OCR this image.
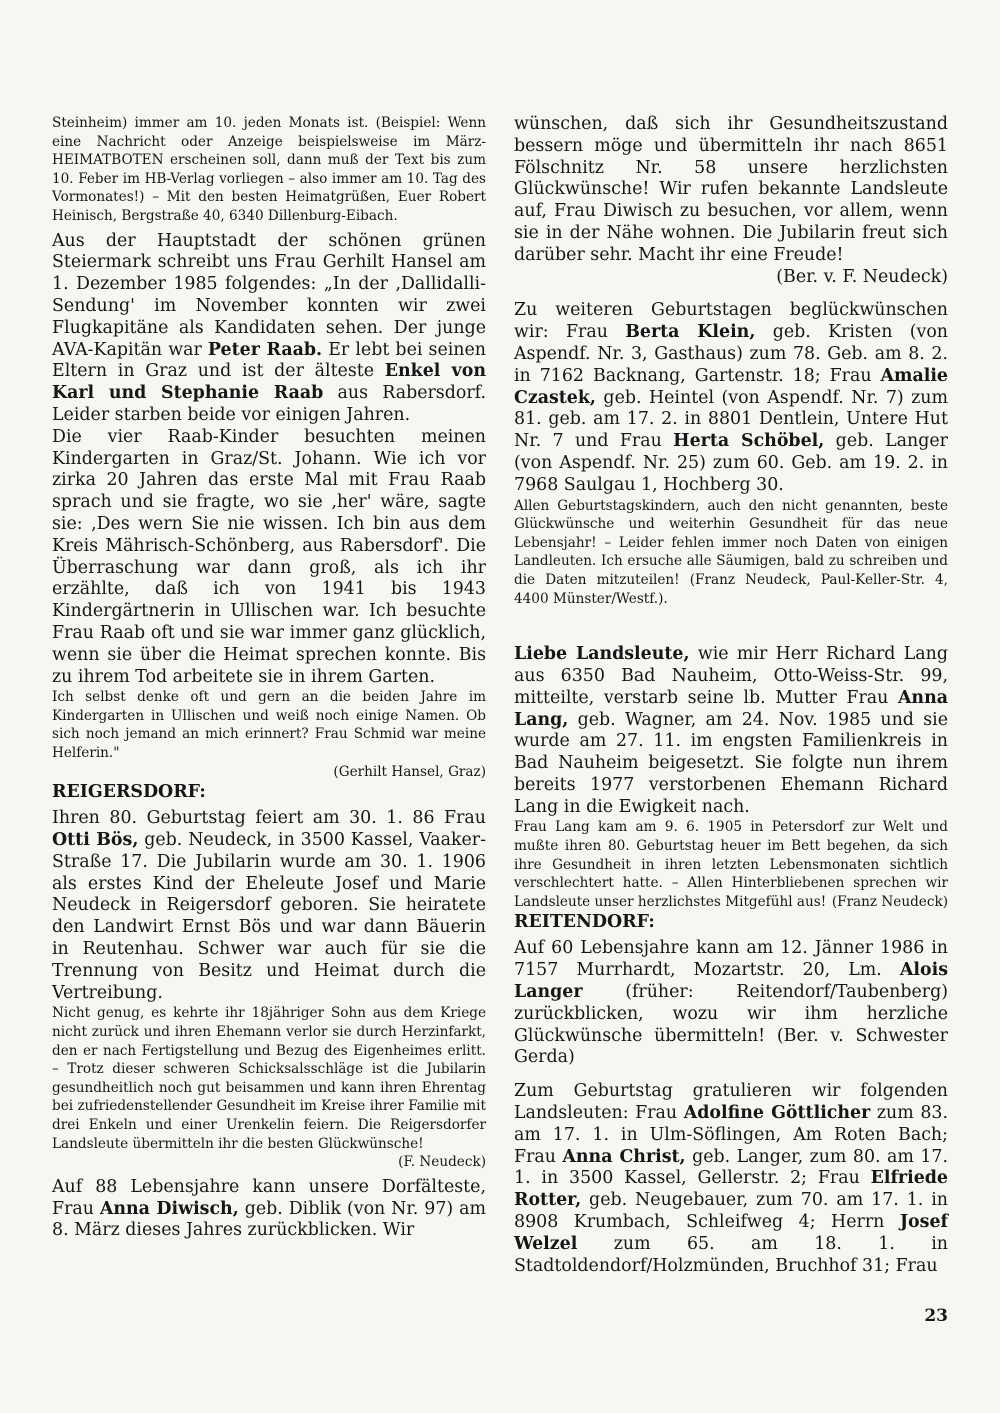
Steinheim) immer am 10. jeden Monats ist. (Beispiel: Wenn eine Nachricht oder Anzeige beispielsweise im März-HEIMATBOTEN erscheinen soll, dann muß der Text bis zum 10. Feber im HB-Verlag vorliegen – also immer am 10. Tag des Vormonates!) – Mit den besten Heimatgrüßen, Euer Robert Heinisch, Bergstraße 40, 6340 Dillenburg-Eibach.

Aus der Hauptstadt der schönen grünen Steiermark schreibt uns Frau Gerhilt Hansel am 1. Dezember 1985 folgendes: „In der ‚Dallidalli-Sendung' im November konnten wir zwei Flugkapitäne als Kandidaten sehen. Der junge AVA-Kapitän war Peter Raab. Er lebt bei seinen Eltern in Graz und ist der älteste Enkel von Karl und Stephanie Raab aus Rabersdorf. Leider starben beide vor einigen Jahren.

Die vier Raab-Kinder besuchten meinen Kindergarten in Graz/St. Johann. Wie ich vor zirka 20 Jahren das erste Mal mit Frau Raab sprach und sie fragte, wo sie ‚her' wäre, sagte sie: ‚Des wern Sie nie wissen. Ich bin aus dem Kreis Mährisch-Schönberg, aus Rabersdorf'. Die Überraschung war dann groß, als ich ihr erzählte, daß ich von 1941 bis 1943 Kindergärtnerin in Ullischen war. Ich besuchte Frau Raab oft und sie war immer ganz glücklich, wenn sie über die Heimat sprechen konnte. Bis zu ihrem Tod arbeitete sie in ihrem Garten.

Ich selbst denke oft und gern an die beiden Jahre im Kindergarten in Ullischen und weiß noch einige Namen. Ob sich noch jemand an mich erinnert? Frau Schmid war meine Helferin."

(Gerhilt Hansel, Graz)

REIGERSDORF:

Ihren 80. Geburtstag feiert am 30. 1. 86 Frau Otti Bös, geb. Neudeck, in 3500 Kassel, Vaaker-Straße 17. Die Jubilarin wurde am 30. 1. 1906 als erstes Kind der Eheleute Josef und Marie Neudeck in Reigersdorf geboren. Sie heiratete den Landwirt Ernst Bös und war dann Bäuerin in Reutenhau. Schwer war auch für sie die Trennung von Besitz und Heimat durch die Vertreibung.

Nicht genug, es kehrte ihr 18jähriger Sohn aus dem Kriege nicht zurück und ihren Ehemann verlor sie durch Herzinfarkt, den er nach Fertigstellung und Bezug des Eigenheimes erlitt. – Trotz dieser schweren Schicksalsschläge ist die Jubilarin gesundheitlich noch gut beisammen und kann ihren Ehrentag bei zufriedenstellender Gesundheit im Kreise ihrer Familie mit drei Enkeln und einer Urenkelin feiern. Die Reigersdorfer Landsleute übermitteln ihr die besten Glückwünsche!
(F. Neudeck)

Auf 88 Lebensjahre kann unsere Dorfälteste, Frau Anna Diwisch, geb. Diblik (von Nr. 97) am 8. März dieses Jahres zurückblicken. Wir

wünschen, daß sich ihr Gesundheitszustand bessern möge und übermitteln ihr nach 8651 Fölschnitz Nr. 58 unsere herzlichsten Glückwünsche! Wir rufen bekannte Landsleute auf, Frau Diwisch zu besuchen, vor allem, wenn sie in der Nähe wohnen. Die Jubilarin freut sich darüber sehr. Macht ihr eine Freude!
(Ber. v. F. Neudeck)

Zu weiteren Geburtstagen beglückwünschen wir: Frau Berta Klein, geb. Kristen (von Aspendf. Nr. 3, Gasthaus) zum 78. Geb. am 8. 2. in 7162 Backnang, Gartenstr. 18; Frau Amalie Czastek, geb. Heintel (von Aspendf. Nr. 7) zum 81. geb. am 17. 2. in 8801 Dentlein, Untere Hut Nr. 7 und Frau Herta Schöbel, geb. Langer (von Aspendf. Nr. 25) zum 60. Geb. am 19. 2. in 7968 Saulgau 1, Hochberg 30.

Allen Geburtstagskindern, auch den nicht genannten, beste Glückwünsche und weiterhin Gesundheit für das neue Lebensjahr! – Leider fehlen immer noch Daten von einigen Landleuten. Ich ersuche alle Säumigen, bald zu schreiben und die Daten mitzuteilen! (Franz Neudeck, Paul-Keller-Str. 4, 4400 Münster/Westf.).

Liebe Landsleute, wie mir Herr Richard Lang aus 6350 Bad Nauheim, Otto-Weiss-Str. 99, mitteilte, verstarb seine lb. Mutter Frau Anna Lang, geb. Wagner, am 24. Nov. 1985 und sie wurde am 27. 11. im engsten Familienkreis in Bad Nauheim beigesetzt. Sie folgte nun ihrem bereits 1977 verstorbenen Ehemann Richard Lang in die Ewigkeit nach.

Frau Lang kam am 9. 6. 1905 in Petersdorf zur Welt und mußte ihren 80. Geburtstag heuer im Bett begehen, da sich ihre Gesundheit in ihren letzten Lebensmonaten sichtlich verschlechtert hatte. – Allen Hinterbliebenen sprechen wir Landsleute unser herzlichstes Mitgefühl aus! (Franz Neudeck)

REITENDORF:

Auf 60 Lebensjahre kann am 12. Jänner 1986 in 7157 Murrhardt, Mozartstr. 20, Lm. Alois Langer (früher: Reitendorf/Taubenberg) zurückblicken, wozu wir ihm herzliche Glückwünsche übermitteln! (Ber. v. Schwester Gerda)

Zum Geburtstag gratulieren wir folgenden Landsleuten: Frau Adolfine Göttlicher zum 83. am 17. 1. in Ulm-Söflingen, Am Roten Bach; Frau Anna Christ, geb. Langer, zum 80. am 17. 1. in 3500 Kassel, Gellerstr. 2; Frau Elfriede Rotter, geb. Neugebauer, zum 70. am 17. 1. in 8908 Krumbach, Schleifweg 4; Herrn Josef Welzel zum 65. am 18. 1. in Stadtoldendorf/Holzmünden, Bruchhof 31; Frau

23
